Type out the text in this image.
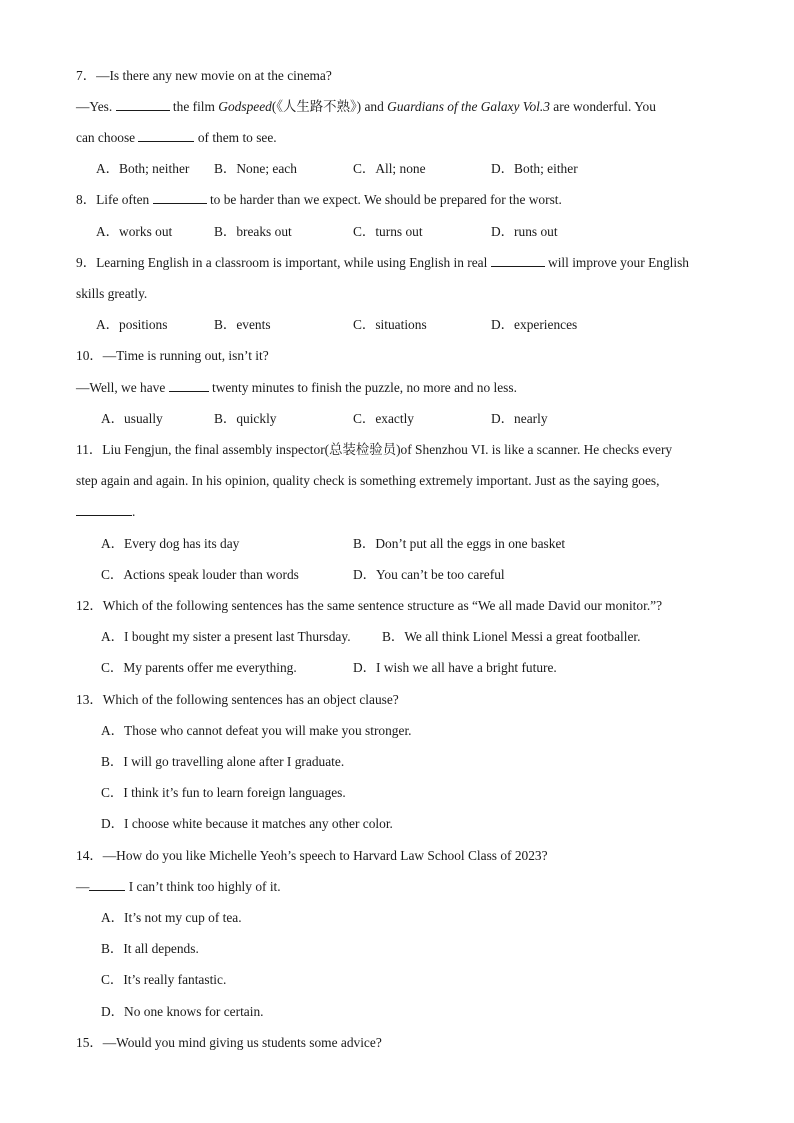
7．—Is there any new movie on at the cinema?
—Yes.	the film Godspeed(《人生路不熟》) and Guardians of the Galaxy Vol.3 are wonderful. You
can choose	of them to see.
A．Both; neither B．None; each	C．All; none	D．Both; either
8．Life often	to be harder than we expect. We should be prepared for the worst.
A．works out	B．breaks out	C．turns out	D．runs out
9．Learning English in a classroom is important, while using English in real	will improve your English
skills greatly.
A．positions	B．events	C．situations	D．experiences
10．—Time is running out, isn’t it?
—Well, we have	twenty minutes to finish the puzzle, no more and no less.
A．usually	B．quickly	C．exactly	D．nearly
11．Liu Fengjun, the final assembly inspector(总装检验员)of Shenzhou VI. is like a scanner. He checks every
step again and again. In his opinion, quality check is something extremely important. Just as the saying goes,
.
A．Every dog has its day	B．Don’t put all the eggs in one basket
C．Actions speak louder than words	D．You can’t be too careful
12．Which of the following sentences has the same sentence structure as “We all made David our monitor.”?
A．I bought my sister a present last Thursday. B．We all think Lionel Messi a great footballer.
C．My parents offer me everything.	D．I wish we all have a bright future.
13．Which of the following sentences has an object clause?
A．Those who cannot defeat you will make you stronger.
B．I will go travelling alone after I graduate.
C．I think it’s fun to learn foreign languages.
D．I choose white because it matches any other color.
14．—How do you like Michelle Yeoh’s speech to Harvard Law School Class of 2023?
—	I can’t think too highly of it.
A．It’s not my cup of tea.
B．It all depends.
C．It’s really fantastic.
D．No one knows for certain.
15．—Would you mind giving us students some advice?
